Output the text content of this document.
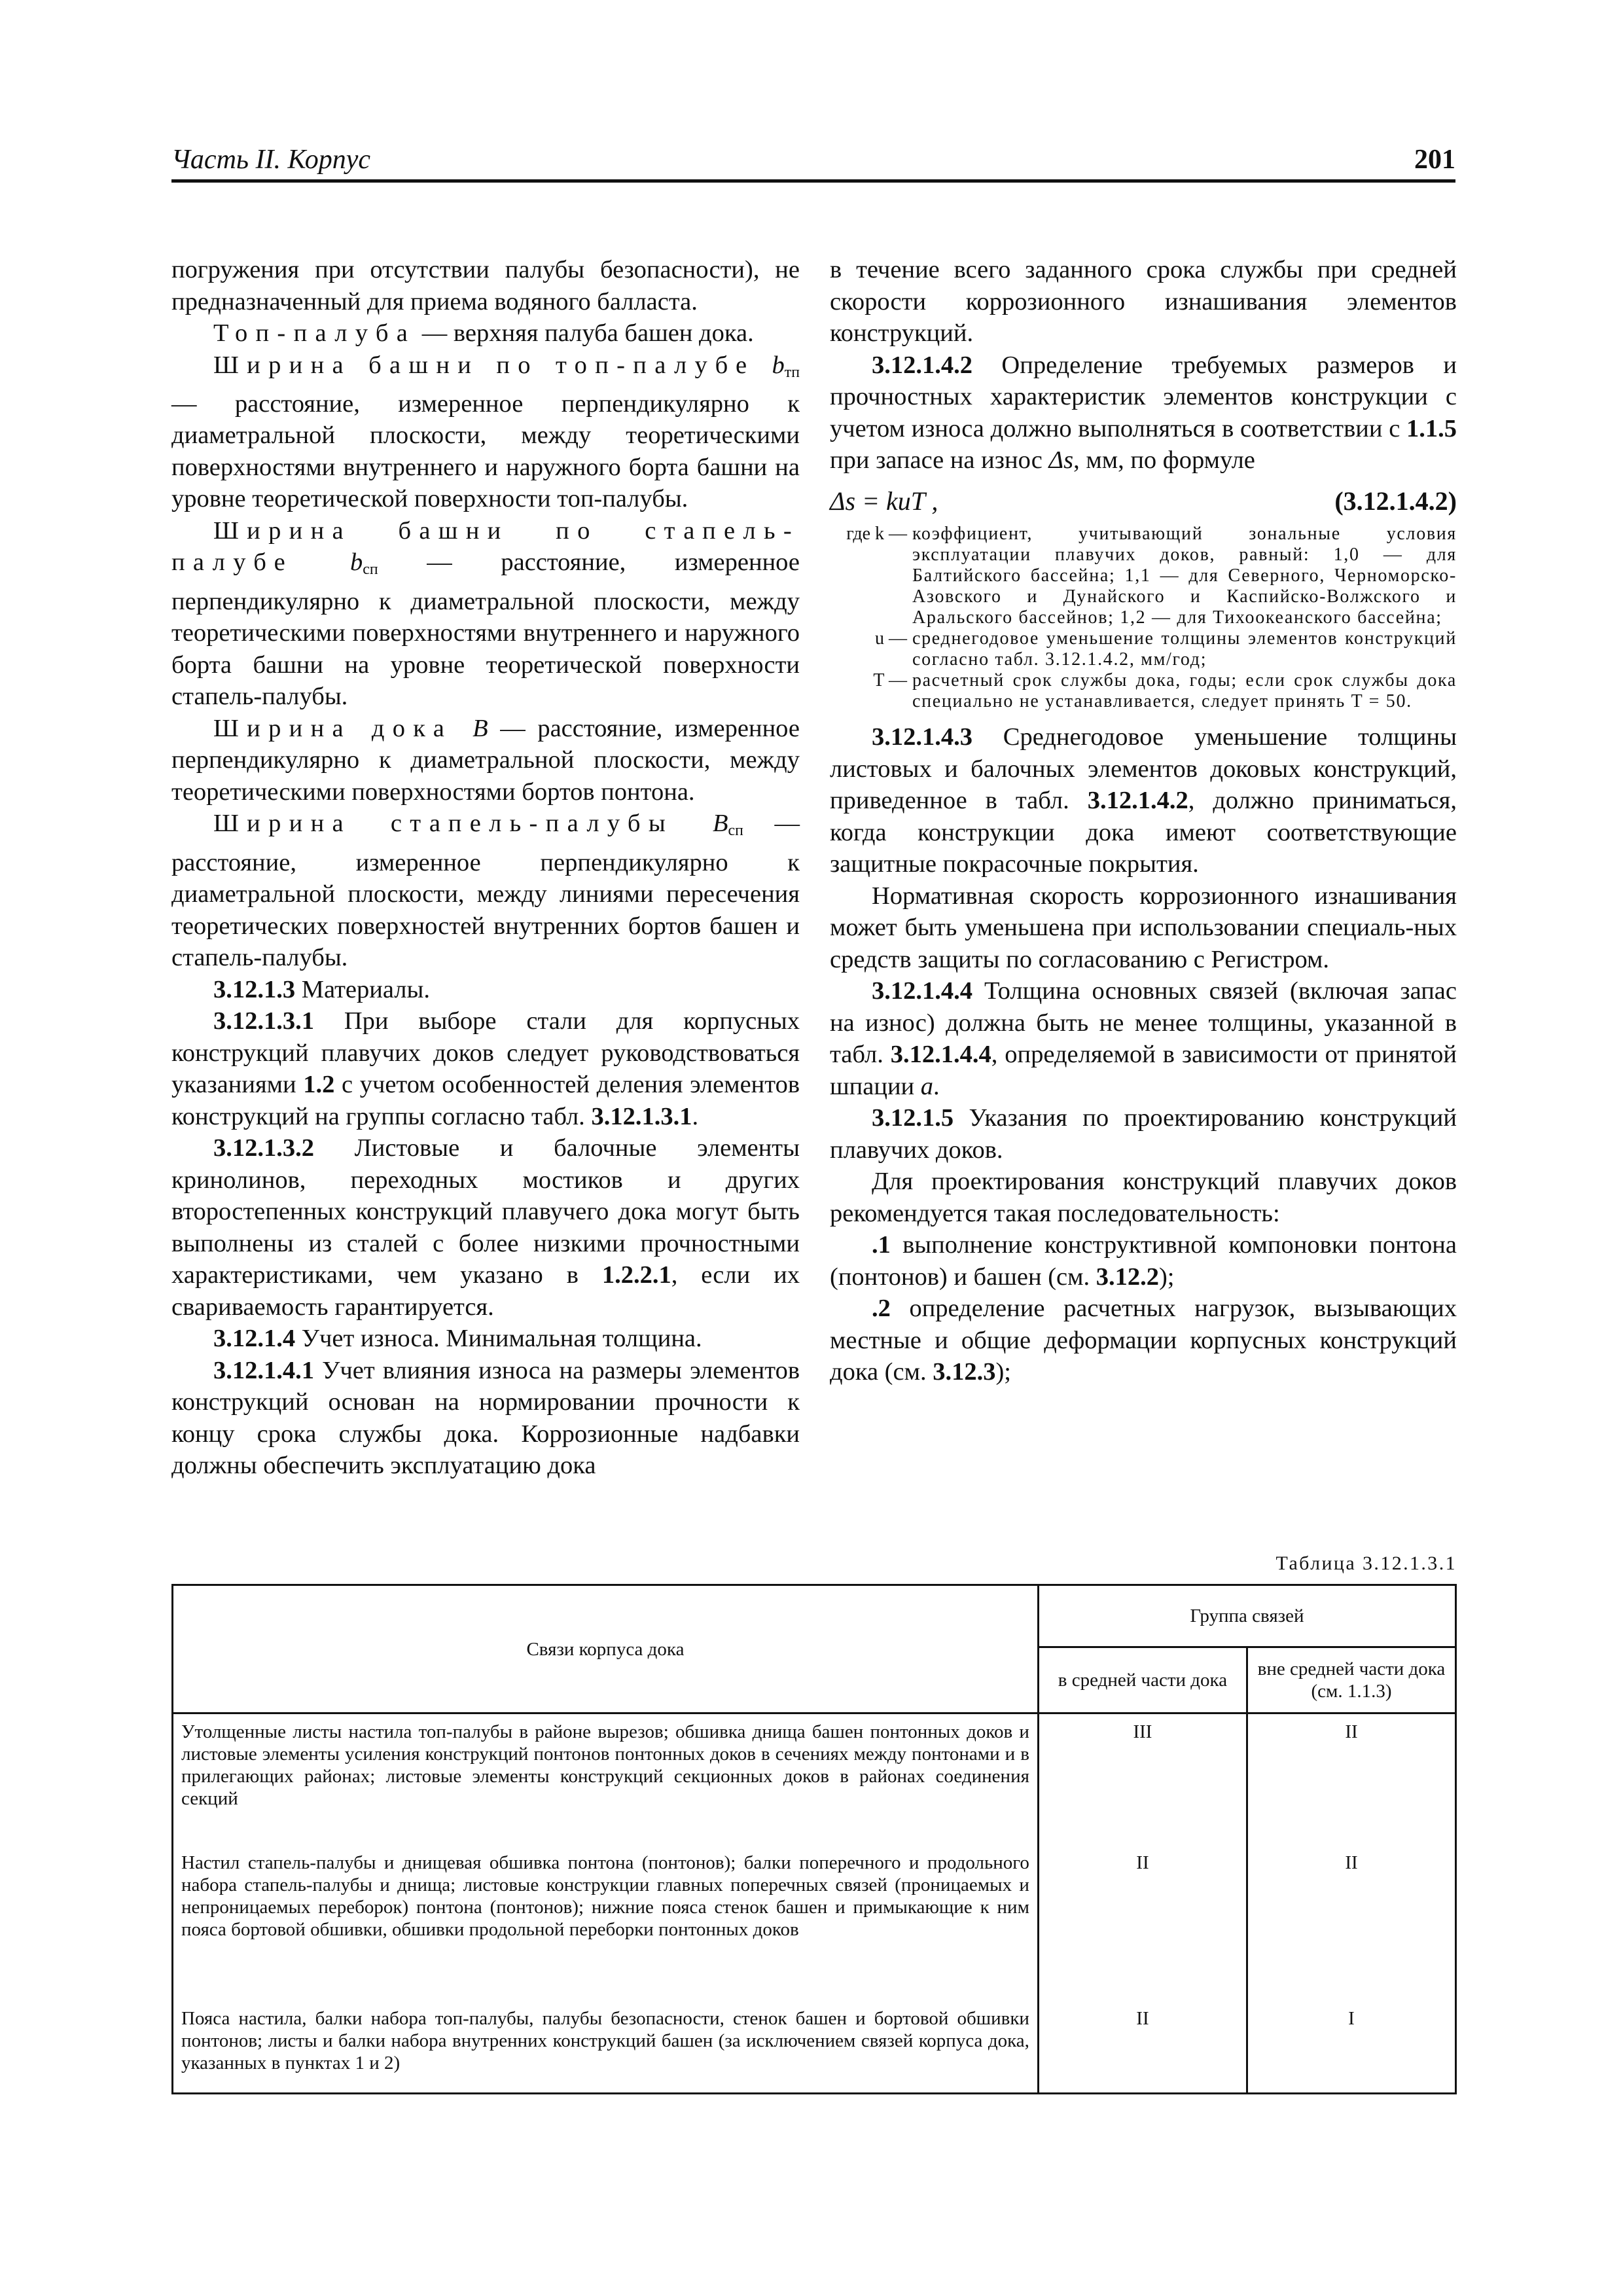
Часть II. Корпус	201

погружения при отсутствии палубы безопасности), не предназначенный для приема водяного балласта.

Топ-палуба — верхняя палуба башен дока.

Ширина башни по топ-палубе $b_{тп}$ — расстояние, измеренное перпендикулярно к диаметральной плоскости, между теоретическими поверхностями внутреннего и наружного борта башни на уровне теоретической поверхности топ-палубы.

Ширина башни по стапель-палубе $b_{сп}$ — расстояние, измеренное перпендикулярно к диаметральной плоскости, между теоретическими поверхностями внутреннего и наружного борта башни на уровне теоретической поверхности стапель-палубы.

Ширина дока B — расстояние, измеренное перпендикулярно к диаметральной плоскости, между теоретическими поверхностями бортов понтона.

Ширина стапель-палубы $B_{сп}$ — расстояние, измеренное перпендикулярно к диаметральной плоскости, между линиями пересечения теоретических поверхностей внутренних бортов башен и стапель-палубы.

3.12.1.3 Материалы.

3.12.1.3.1 При выборе стали для корпусных конструкций плавучих доков следует руководствоваться указаниями 1.2 с учетом особенностей деления элементов конструкций на группы согласно табл. 3.12.1.3.1.

3.12.1.3.2 Листовые и балочные элементы кринолинов, переходных мостиков и других второстепенных конструкций плавучего дока могут быть выполнены из сталей с более низкими прочностными характеристиками, чем указано в 1.2.2.1, если их свариваемость гарантируется.

3.12.1.4 Учет износа. Минимальная толщина.

3.12.1.4.1 Учет влияния износа на размеры элементов конструкций основан на нормировании прочности к концу срока службы дока. Коррозионные надбавки должны обеспечить эксплуатацию дока

в течение всего заданного срока службы при средней скорости коррозионного изнашивания элементов конструкций.

3.12.1.4.2 Определение требуемых размеров и прочностных характеристик элементов конструкции с учетом износа должно выполняться в соответствии с 1.1.5 при запасе на износ Δs, мм, по формуле

Δs = kuT ,	(3.12.1.4.2)
где k — коэффициент, учитывающий зональные условия эксплуатации плавучих доков, равный: 1,0 — для Балтийского бассейна; 1,1 — для Северного, Черноморско-Азовского и Дунайского и Каспийско-Волжского и Аральского бассейнов; 1,2 — для Тихоокеанского бассейна;
u — среднегодовое уменьшение толщины элементов конструкций согласно табл. 3.12.1.4.2, мм/год;
T — расчетный срок службы дока, годы; если срок службы дока специально не устанавливается, следует принять T = 50.

3.12.1.4.3 Среднегодовое уменьшение толщины листовых и балочных элементов доковых конструкций, приведенное в табл. 3.12.1.4.2, должно приниматься, когда конструкции дока имеют соответствующие защитные покрасочные покрытия.

Нормативная скорость коррозионного изнашивания может быть уменьшена при использовании специаль-ных средств защиты по согласованию с Регистром.

3.12.1.4.4 Толщина основных связей (включая запас на износ) должна быть не менее толщины, указанной в табл. 3.12.1.4.4, определяемой в зависимости от принятой шпации a.

3.12.1.5 Указания по проектированию конструкций плавучих доков.

Для проектирования конструкций плавучих доков рекомендуется такая последовательность:

.1 выполнение конструктивной компоновки понтона (понтонов) и башен (см. 3.12.2);

.2 определение расчетных нагрузок, вызывающих местные и общие деформации корпусных конструкций дока (см. 3.12.3);

Таблица 3.12.1.3.1
Связи корпуса дока	Группа связей	
	в средней части дока	вне средней части дока (см. 1.1.3)
Утолщенные листы настила топ-палубы в районе вырезов; обшивка днища башен понтонных доков и листовые элементы усиления конструкций понтонов понтонных доков в сечениях между понтонами и в прилегающих районах; листовые элементы конструкций секционных доков в районах соединения секций	III	II
Настил стапель-палубы и днищевая обшивка понтона (понтонов); балки поперечного и продольного набора стапель-палубы и днища; листовые конструкции главных поперечных связей (проницаемых и непроницаемых переборок) понтона (понтонов); нижние пояса стенок башен и примыкающие к ним пояса бортовой обшивки, обшивки продольной переборки понтонных доков	II	II
Пояса настила, балки набора топ-палубы, палубы безопасности, стенок башен и бортовой обшивки понтонов; листы и балки набора внутренних конструкций башен (за исключением связей корпуса дока, указанных в пунктах 1 и 2)	II	I
